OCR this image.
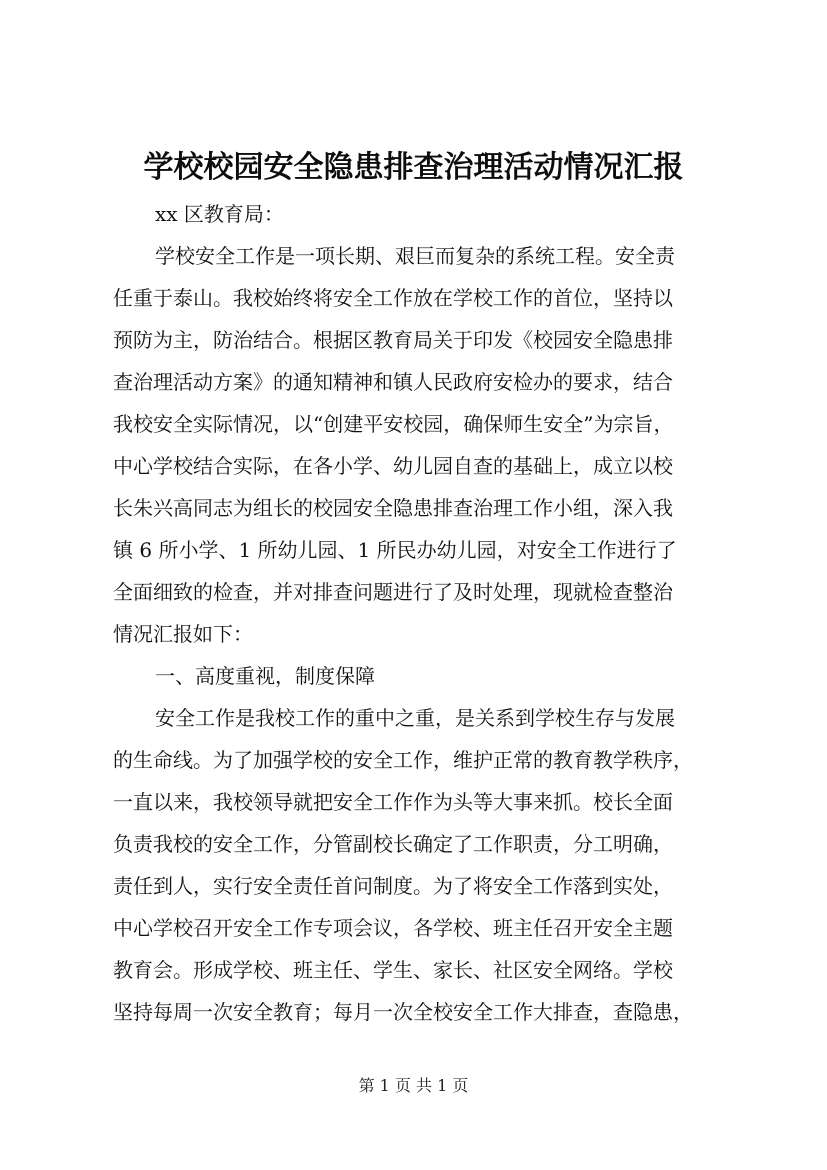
学校校园安全隐患排查治理活动情况汇报
xx 区教育局：
学校安全工作是一项长期、艰巨而复杂的系统工程。安全责
任重于泰山。我校始终将安全工作放在学校工作的首位，坚持以
预防为主，防治结合。根据区教育局关于印发《校园安全隐患排
查治理活动方案》的通知精神和镇人民政府安检办的要求，结合
我校安全实际情况，以“创建平安校园，确保师生安全”为宗旨，
中心学校结合实际，在各小学、幼儿园自查的基础上，成立以校
长朱兴高同志为组长的校园安全隐患排查治理工作小组，深入我
镇 6 所小学、1 所幼儿园、1 所民办幼儿园，对安全工作进行了
全面细致的检查，并对排查问题进行了及时处理，现就检查整治
情况汇报如下：
一、高度重视，制度保障
安全工作是我校工作的重中之重，是关系到学校生存与发展
的生命线。为了加强学校的安全工作，维护正常的教育教学秩序，
一直以来，我校领导就把安全工作作为头等大事来抓。校长全面
负责我校的安全工作，分管副校长确定了工作职责，分工明确，
责任到人，实行安全责任首问制度。为了将安全工作落到实处，
中心学校召开安全工作专项会议，各学校、班主任召开安全主题
教育会。形成学校、班主任、学生、家长、社区安全网络。学校
坚持每周一次安全教育；每月一次全校安全工作大排查，查隐患，
第 1 页 共 1 页
